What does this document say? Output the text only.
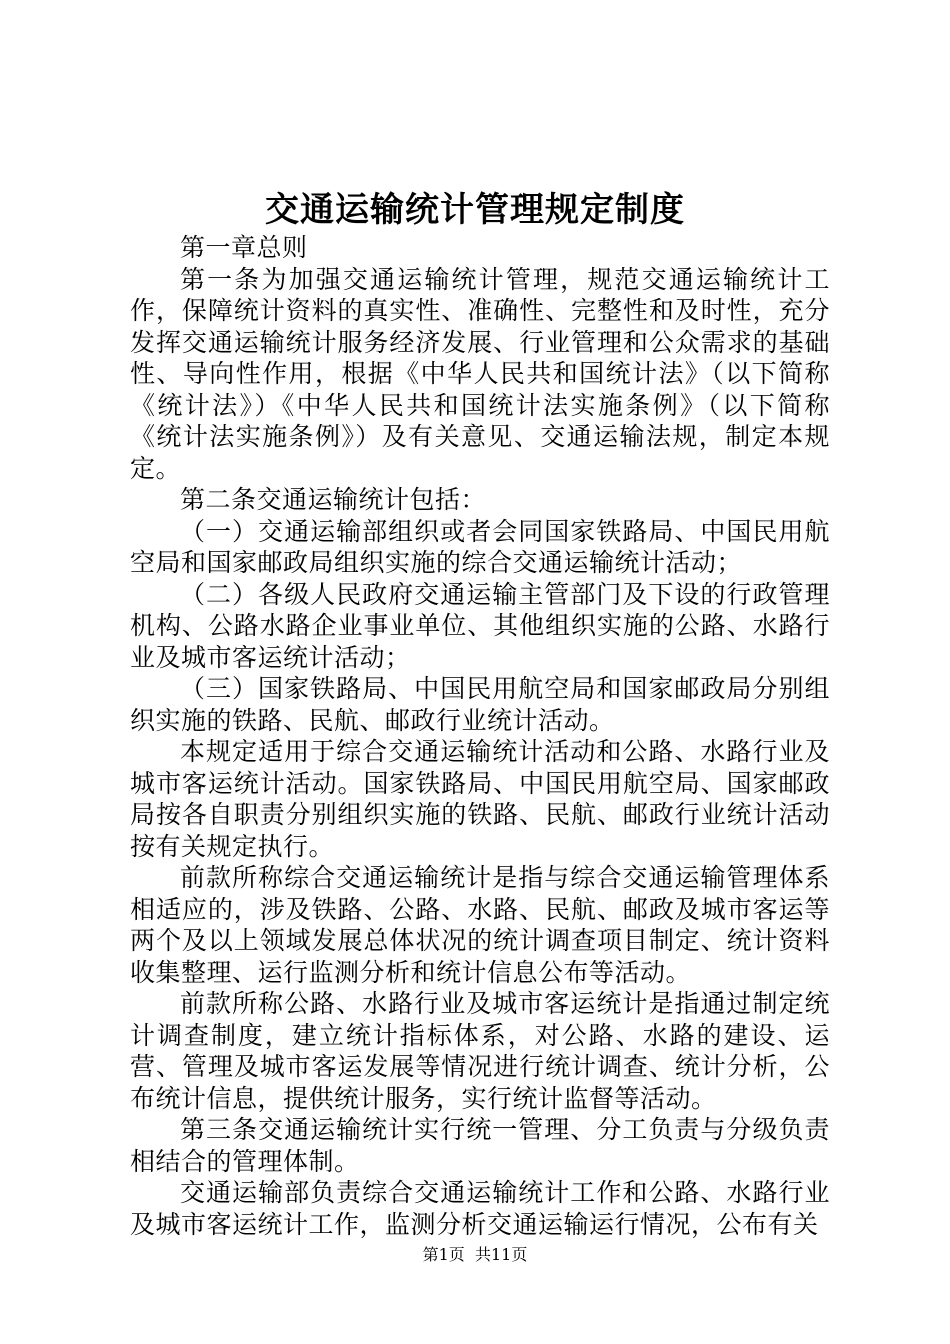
交通运输统计管理规定制度

第一章总则

第一条为加强交通运输统计管理，规范交通运输统计工作，保障统计资料的真实性、准确性、完整性和及时性，充分发挥交通运输统计服务经济发展、行业管理和公众需求的基础性、导向性作用，根据《中华人民共和国统计法》（以下简称《统计法》）《中华人民共和国统计法实施条例》（以下简称《统计法实施条例》）及有关意见、交通运输法规，制定本规定。

第二条交通运输统计包括：

（一）交通运输部组织或者会同国家铁路局、中国民用航空局和国家邮政局组织实施的综合交通运输统计活动；

（二）各级人民政府交通运输主管部门及下设的行政管理机构、公路水路企业事业单位、其他组织实施的公路、水路行业及城市客运统计活动；

（三）国家铁路局、中国民用航空局和国家邮政局分别组织实施的铁路、民航、邮政行业统计活动。

本规定适用于综合交通运输统计活动和公路、水路行业及城市客运统计活动。国家铁路局、中国民用航空局、国家邮政局按各自职责分别组织实施的铁路、民航、邮政行业统计活动按有关规定执行。

前款所称综合交通运输统计是指与综合交通运输管理体系相适应的，涉及铁路、公路、水路、民航、邮政及城市客运等两个及以上领域发展总体状况的统计调查项目制定、统计资料收集整理、运行监测分析和统计信息公布等活动。

前款所称公路、水路行业及城市客运统计是指通过制定统计调查制度，建立统计指标体系，对公路、水路的建设、运营、管理及城市客运发展等情况进行统计调查、统计分析，公布统计信息，提供统计服务，实行统计监督等活动。

第三条交通运输统计实行统一管理、分工负责与分级负责相结合的管理体制。

交通运输部负责综合交通运输统计工作和公路、水路行业及城市客运统计工作，监测分析交通运输运行情况，公布有关

第1页 共11页
